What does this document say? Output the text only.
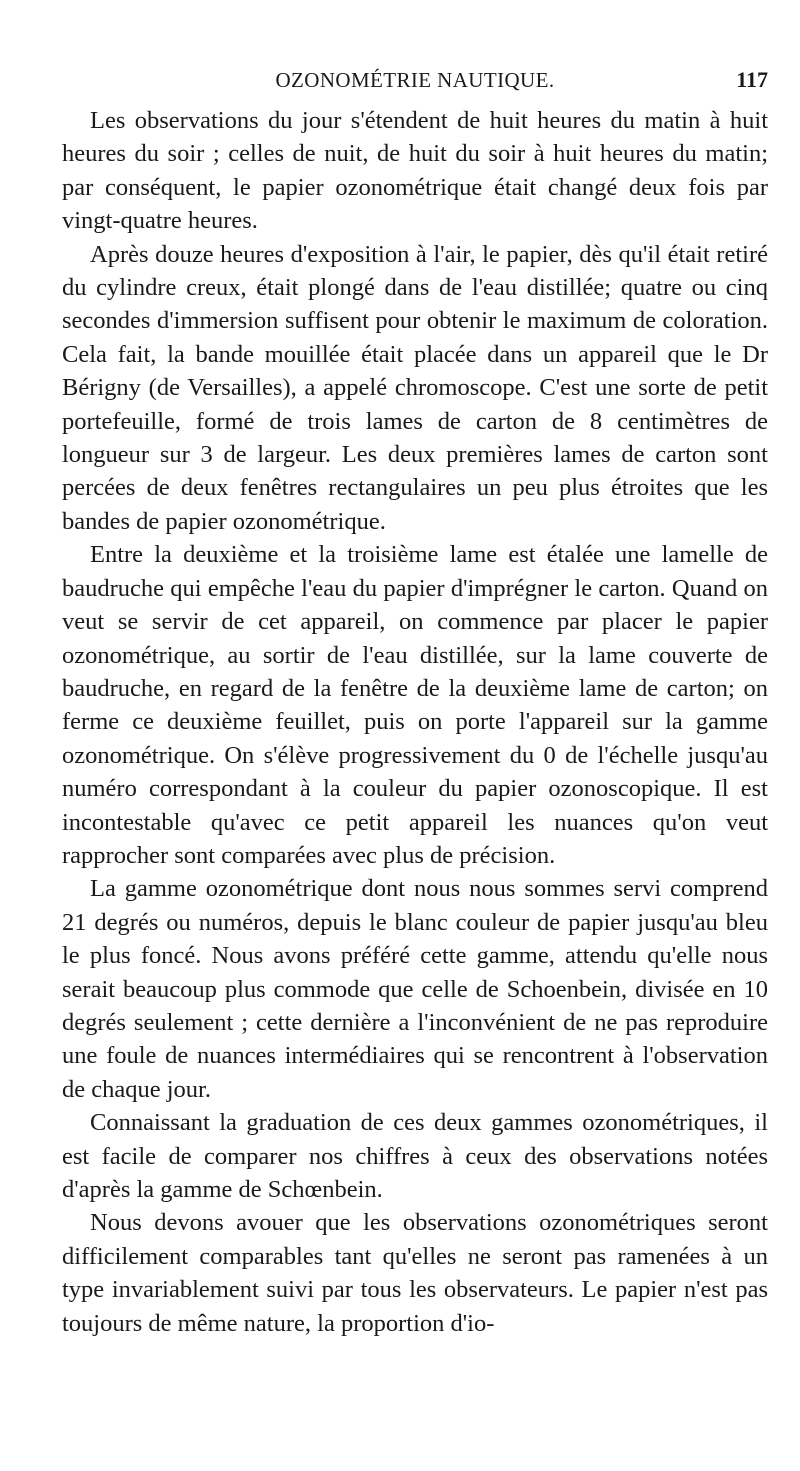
OZONOMÉTRIE NAUTIQUE.	117

Les observations du jour s'étendent de huit heures du matin à huit heures du soir ; celles de nuit, de huit du soir à huit heures du matin; par conséquent, le papier ozonométrique était changé deux fois par vingt-quatre heures.

Après douze heures d'exposition à l'air, le papier, dès qu'il était retiré du cylindre creux, était plongé dans de l'eau distillée; quatre ou cinq secondes d'immersion suffisent pour obtenir le maximum de coloration. Cela fait, la bande mouillée était placée dans un appareil que le Dr Bérigny (de Versailles), a appelé chromoscope. C'est une sorte de petit portefeuille, formé de trois lames de carton de 8 centimètres de longueur sur 3 de largeur. Les deux premières lames de carton sont percées de deux fenêtres rectangulaires un peu plus étroites que les bandes de papier ozonométrique.

Entre la deuxième et la troisième lame est étalée une lamelle de baudruche qui empêche l'eau du papier d'imprégner le carton. Quand on veut se servir de cet appareil, on commence par placer le papier ozonométrique, au sortir de l'eau distillée, sur la lame couverte de baudruche, en regard de la fenêtre de la deuxième lame de carton; on ferme ce deuxième feuillet, puis on porte l'appareil sur la gamme ozonométrique. On s'élève progressivement du 0 de l'échelle jusqu'au numéro correspondant à la couleur du papier ozonoscopique. Il est incontestable qu'avec ce petit appareil les nuances qu'on veut rapprocher sont comparées avec plus de précision.

La gamme ozonométrique dont nous nous sommes servi comprend 21 degrés ou numéros, depuis le blanc couleur de papier jusqu'au bleu le plus foncé. Nous avons préféré cette gamme, attendu qu'elle nous serait beaucoup plus commode que celle de Schoenbein, divisée en 10 degrés seulement ; cette dernière a l'inconvénient de ne pas reproduire une foule de nuances intermédiaires qui se rencontrent à l'observation de chaque jour.

Connaissant la graduation de ces deux gammes ozonométriques, il est facile de comparer nos chiffres à ceux des observations notées d'après la gamme de Schœnbein.

Nous devons avouer que les observations ozonométriques seront difficilement comparables tant qu'elles ne seront pas ramenées à un type invariablement suivi par tous les observateurs. Le papier n'est pas toujours de même nature, la proportion d'io-
